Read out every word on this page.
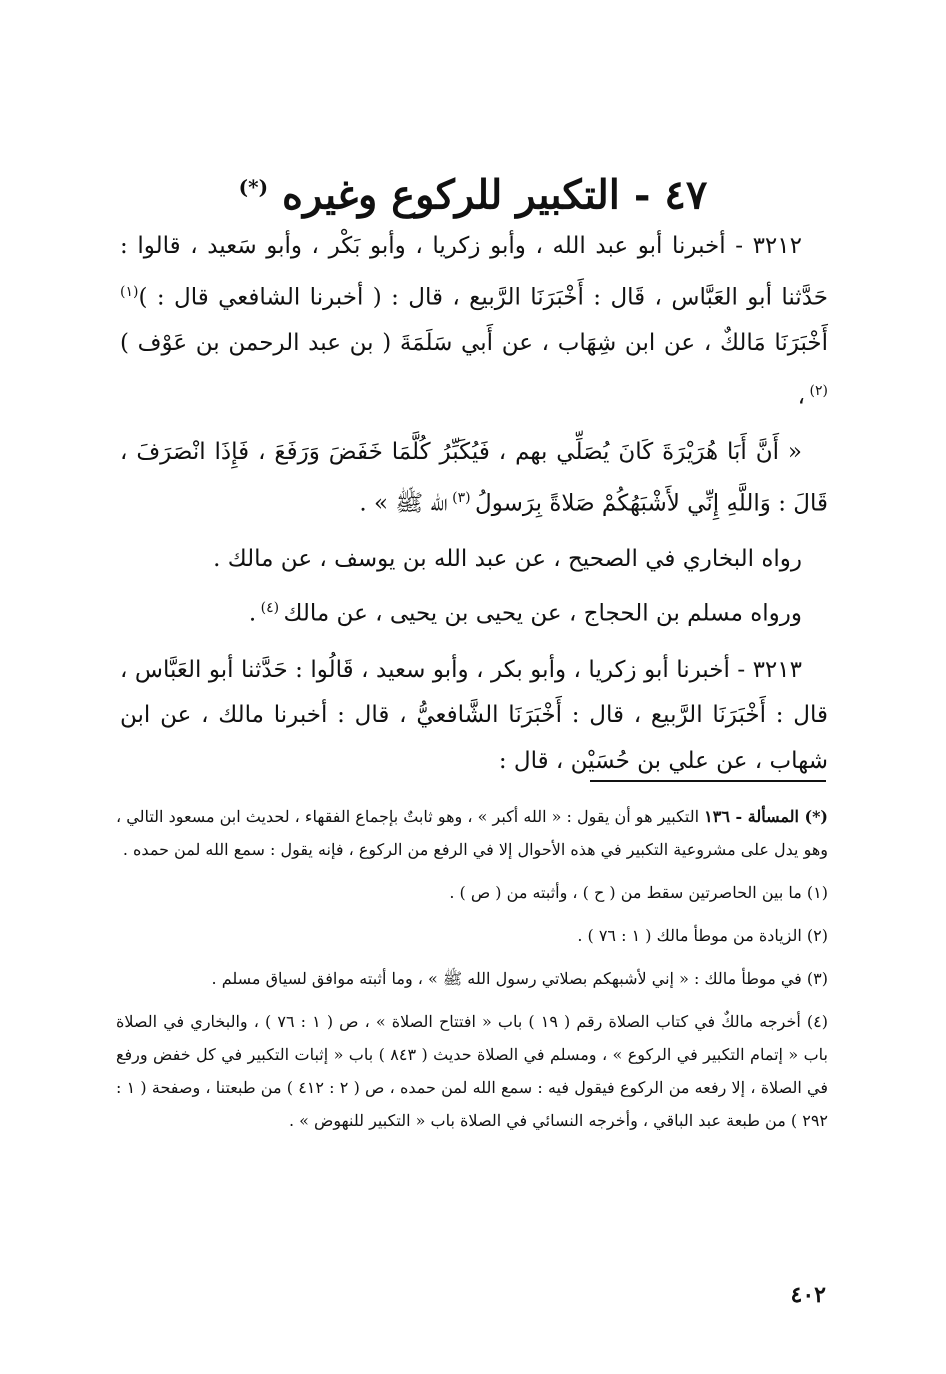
٤٧ - التكبير للركوع وغيره (*)

٣٢١٢ - أخبرنا أبو عبد الله ، وأبو زكريا ، وأبو بَكْر ، وأبو سَعيد ، قالوا : حَدَّثنا أبو العَبَّاس ، قَال : أَخْبَرَنَا الرَّبيع ، قال : ( أخبرنا الشافعي قال : )$^{(١)}$ أَخْبَرَنَا مَالكٌ ، عن ابن شِهَاب ، عن أَبي سَلَمَةَ ( بن عبد الرحمن بن عَوْف ) $^{(٢)}$ ،

« أَنَّ أَبَا هُرَيْرَةَ كَانَ يُصَلِّي بهم ، فَيُكَبِّرُ كُلَّمَا خَفَضَ وَرَفَعَ ، فَإِذَا انْصَرَفَ ، قَالَ : وَاللَّهِ إِنِّي لأَشْبَهُكُمْ صَلاةً بِرَسولُ $^{(٣)}$ الله ﷺ » .

رواه البخاري في الصحيح ، عن عبد الله بن يوسف ، عن مالك .

ورواه مسلم بن الحجاج ، عن يحيى بن يحيى ، عن مالك $^{(٤)}$ .

٣٢١٣ - أخبرنا أبو زكريا ، وأبو بكر ، وأبو سعيد ، قَالُوا : حَدَّثنا أبو العَبَّاس ، قال : أَخْبَرَنَا الرَّبيع ، قال : أَخْبَرَنَا الشَّافعيُّ ، قال : أخبرنا مالك ، عن ابن شهاب ، عن علي بن حُسَيْن ، قال :

(*) المسألة - ١٣٦ التكبير هو أن يقول : « الله أكبر » ، وهو ثابتٌ بإجماع الفقهاء ، لحديث ابن مسعود التالي ، وهو يدل على مشروعية التكبير في هذه الأحوال إلا في الرفع من الركوع ، فإنه يقول : سمع الله لمن حمده .

(١) ما بين الحاصرتين سقط من ( ح ) ، وأثبته من ( ص ) .

(٢) الزيادة من موطأ مالك ( ١ : ٧٦ ) .

(٣) في موطأ مالك : « إني لأشبهكم بصلاتي رسول الله ﷺ » ، وما أثبته موافق لسياق مسلم .

(٤) أخرجه مالكٌ في كتاب الصلاة رقم ( ١٩ ) باب « افتتاح الصلاة » ، ص ( ١ : ٧٦ ) ، والبخاري في الصلاة باب « إتمام التكبير في الركوع » ، ومسلم في الصلاة حديث ( ٨٤٣ ) باب « إثبات التكبير في كل خفض ورفع في الصلاة ، إلا رفعه من الركوع فيقول فيه : سمع الله لمن حمده ، ص ( ٢ : ٤١٢ ) من طبعتنا ، وصفحة ( ١ : ٢٩٢ ) من طبعة عبد الباقي ، وأخرجه النسائي في الصلاة باب « التكبير للنهوض » .

٤٠٢
